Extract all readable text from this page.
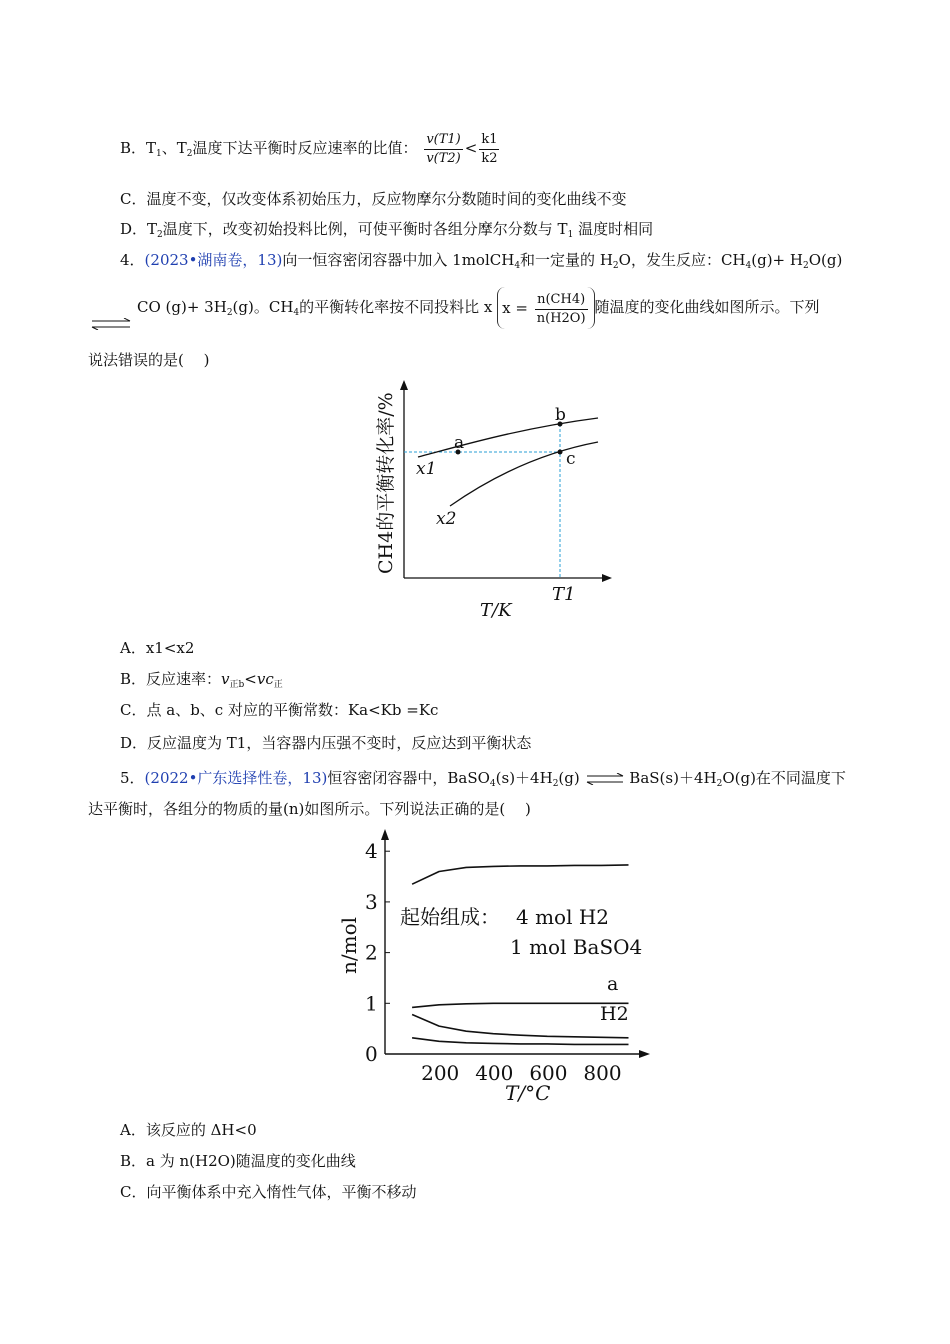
B．$T_1$、$T_2$温度下达平衡时反应速率的比值： $\frac{v(T1)}{v(T2)} < \frac{k1}{k2}$
C．温度不变，仅改变体系初始压力，反应物摩尔分数随时间的变化曲线不变
D．$T_2$温度下，改变初始投料比例，可使平衡时各组分摩尔分数与 $T_1$ 温度时相同
4．(2023•湖南卷，13)向一恒容密闭容器中加入 1molCH$_4$和一定量的 $H_2O$，发生反应：$CH_4(g)+ H_2O(g)$
CO $(g)+ 3H_2(g)$。$CH_4$的平衡转化率按不同投料比 x $x = \frac{n(CH4)}{n(H2O)}$ 随温度的变化曲线如图所示。下列
说法错误的是(　 )
a
b
c
x1
x2
T1
T/K
CH4的平衡转化率/%
A．x1<x2
B．反应速率：$v_{正b}<vc_正$
C．点 a、b、c 对应的平衡常数：Ka<Kb =Kc
D．反应温度为 T1，当容器内压强不变时，反应达到平衡状态
5．(2022•广东选择性卷，13)恒容密闭容器中，$BaSO_4(s)+4H_2(g)$ ⇌ $BaS(s)+4H_2O(g)$在不同温度下
达平衡时，各组分的物质的量(n)如图所示。下列说法正确的是(　 )
0
1
2
3
4
200 400 600 800
起始组成： 4 mol H2
1 mol BaSO4
a
H2
T/°C
n/mol
A．该反应的 ΔH<0
B．a 为 n(H2O)随温度的变化曲线
C．向平衡体系中充入惰性气体，平衡不移动
